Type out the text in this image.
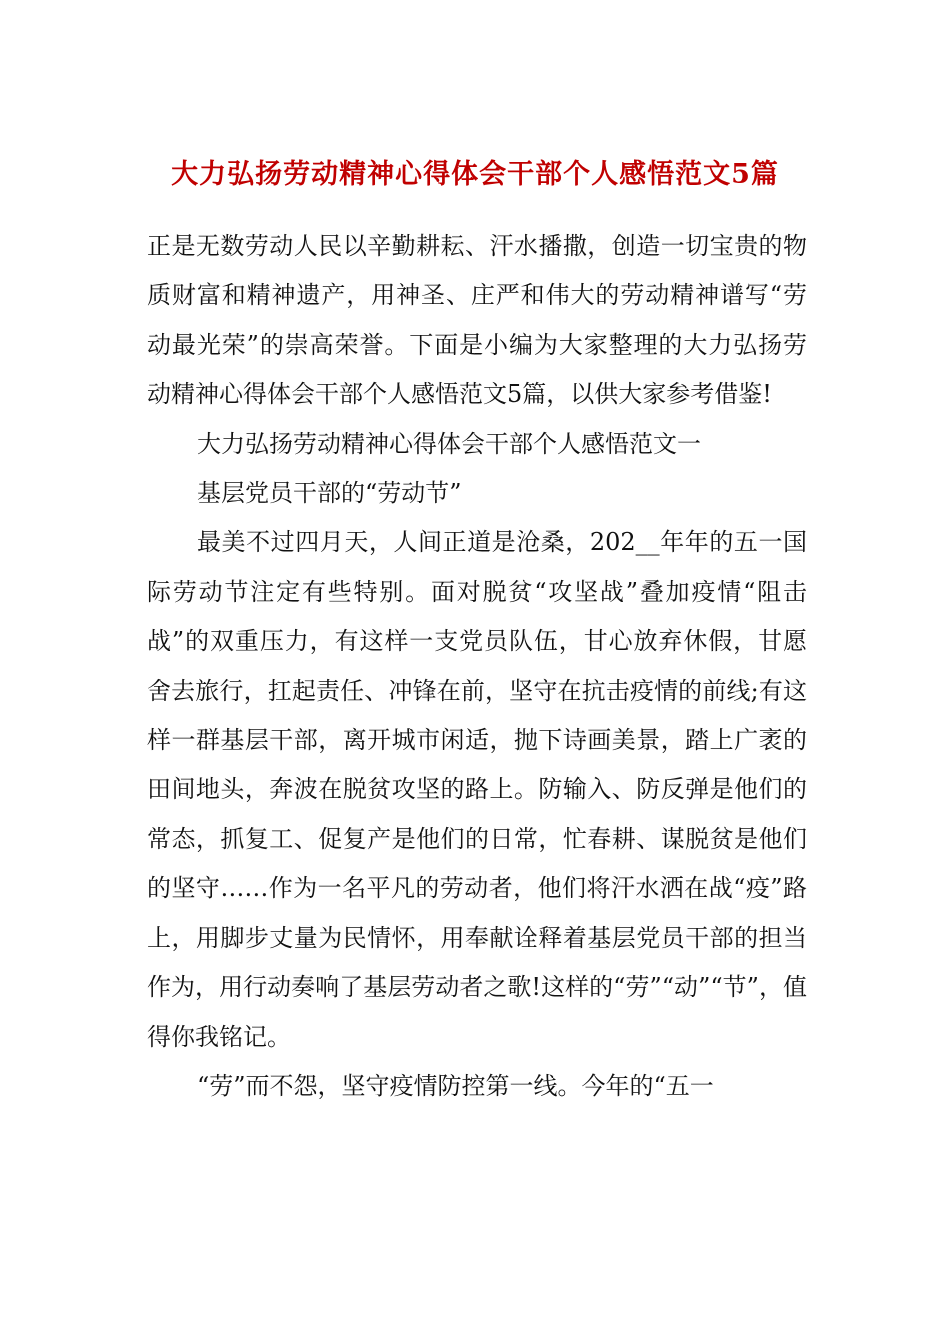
大力弘扬劳动精神心得体会干部个人感悟范文5篇

正是无数劳动人民以辛勤耕耘、汗水播撒，创造一切宝贵的物质财富和精神遗产，用神圣、庄严和伟大的劳动精神谱写“劳动最光荣”的崇高荣誉。下面是小编为大家整理的大力弘扬劳动精神心得体会干部个人感悟范文5篇，以供大家参考借鉴!

大力弘扬劳动精神心得体会干部个人感悟范文一

基层党员干部的“劳动节”

最美不过四月天，人间正道是沧桑，202__年年的五一国际劳动节注定有些特别。面对脱贫“攻坚战”叠加疫情“阻击战”的双重压力，有这样一支党员队伍，甘心放弃休假，甘愿舍去旅行，扛起责任、冲锋在前，坚守在抗击疫情的前线;有这样一群基层干部，离开城市闲适，抛下诗画美景，踏上广袤的田间地头，奔波在脱贫攻坚的路上。防输入、防反弹是他们的常态，抓复工、促复产是他们的日常，忙春耕、谋脱贫是他们的坚守……作为一名平凡的劳动者，他们将汗水洒在战“疫”路上，用脚步丈量为民情怀，用奉献诠释着基层党员干部的担当作为，用行动奏响了基层劳动者之歌!这样的“劳”“动”“节”，值得你我铭记。

“劳”而不怨，坚守疫情防控第一线。今年的“五一
